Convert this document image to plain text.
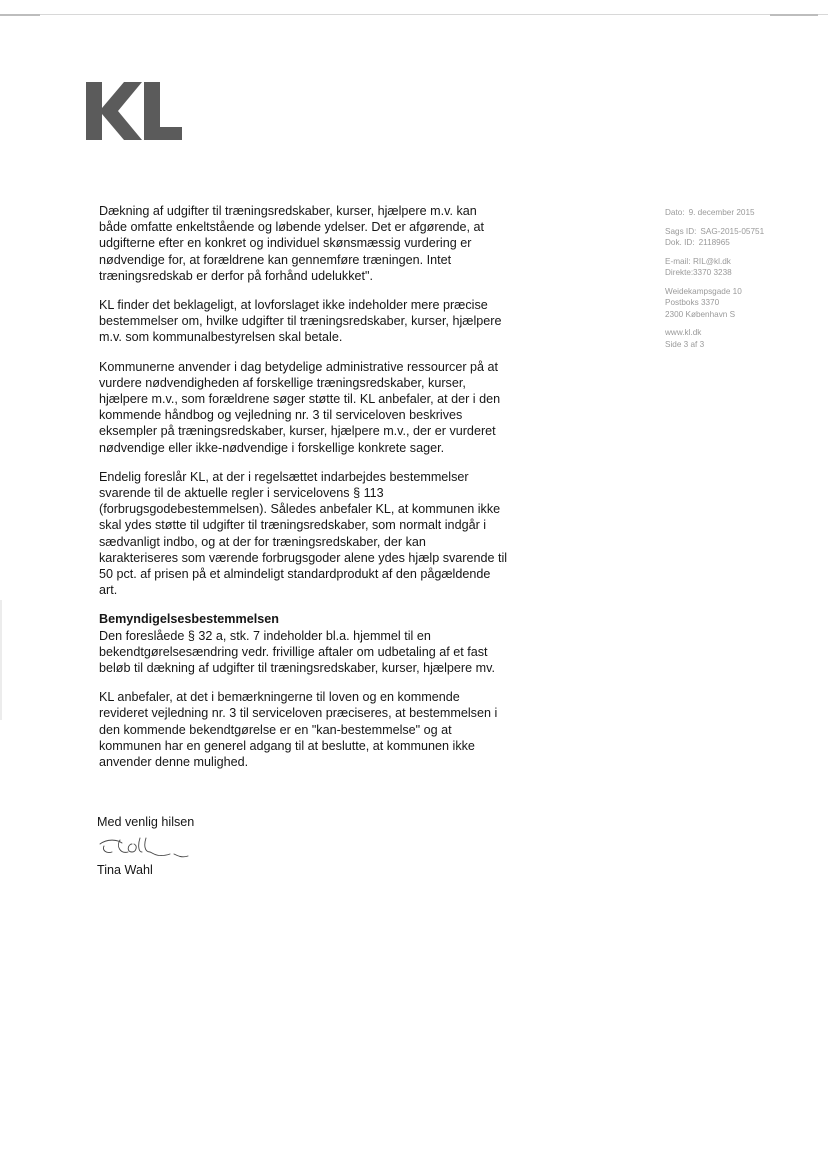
Dato: 9. december 2015
Sags ID: SAG-2015-05751
Dok. ID: 2118965
E-mail: RIL@kl.dk
Direkte: 3370 3238
Weidekampsgade 10
Postboks 3370
2300 København S
www.kl.dk
Side 3 af 3

Dækning af udgifter til træningsredskaber, kurser, hjælpere m.v. kan
både omfatte enkeltstående og løbende ydelser. Det er afgørende, at
udgifterne efter en konkret og individuel skønsmæssig vurdering er
nødvendige for, at forældrene kan gennemføre træningen. Intet
træningsredskab er derfor på forhånd udelukket".

KL finder det beklageligt, at lovforslaget ikke indeholder mere præcise
bestemmelser om, hvilke udgifter til træningsredskaber, kurser, hjælpere
m.v. som kommunalbestyrelsen skal betale.

Kommunerne anvender i dag betydelige administrative ressourcer på at
vurdere nødvendigheden af forskellige træningsredskaber, kurser,
hjælpere m.v., som forældrene søger støtte til. KL anbefaler, at der i den
kommende håndbog og vejledning nr. 3 til serviceloven beskrives
eksempler på træningsredskaber, kurser, hjælpere m.v., der er vurderet
nødvendige eller ikke-nødvendige i forskellige konkrete sager.

Endelig foreslår KL, at der i regelsættet indarbejdes bestemmelser
svarende til de aktuelle regler i servicelovens § 113
(forbrugsgodebestemmelsen). Således anbefaler KL, at kommunen ikke
skal ydes støtte til udgifter til træningsredskaber, som normalt indgår i
sædvanligt indbo, og at der for træningsredskaber, der kan
karakteriseres som værende forbrugsgoder alene ydes hjælp svarende til
50 pct. af prisen på et almindeligt standardprodukt af den pågældende
art.

Bemyndigelsesbestemmelsen

Den foreslåede § 32 a, stk. 7 indeholder bl.a. hjemmel til en
bekendtgørelsesændring vedr. frivillige aftaler om udbetaling af et fast
beløb til dækning af udgifter til træningsredskaber, kurser, hjælpere mv.

KL anbefaler, at det i bemærkningerne til loven og en kommende
revideret vejledning nr. 3 til serviceloven præciseres, at bestemmelsen i
den kommende bekendtgørelse er en "kan-bestemmelse" og at
kommunen har en generel adgang til at beslutte, at kommunen ikke
anvender denne mulighed.

Med venlig hilsen
Tina Wahl
